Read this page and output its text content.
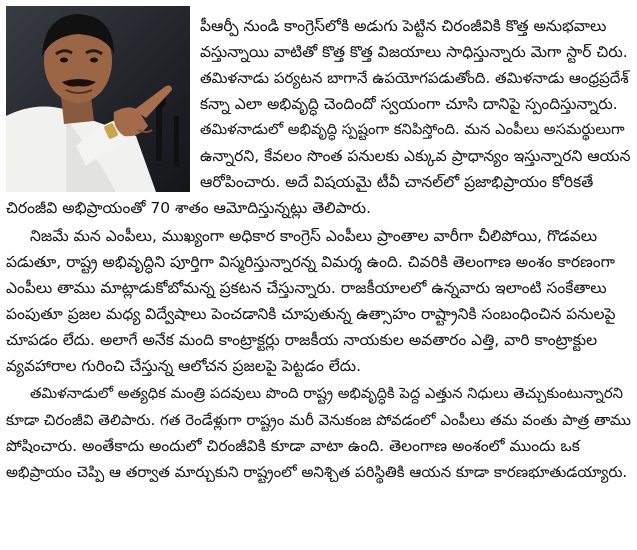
పీఆర్పీ నుండి కాంగ్రెస్‌లోకి అడుగు పెట్టిన చిరంజీవికి కొత్త అనుభవాలు
వస్తున్నాయి వాటితో కొత్త కొత్త విజయాలు సాధిస్తున్నారు మెగా స్టార్ చిరు.
తమిళనాడు పర్యటన బాగానే ఉపయోగపడుతోంది. తమిళనాడు ఆంధ్రప్రదేశ్
కన్నా ఎలా అభివృద్ధి చెందిందో స్వయంగా చూసి దానిపై స్పందిస్తున్నారు.
తమిళనాడులో అభివృద్ధి స్పష్టంగా కనిపిస్తోంది. మన ఎంపీలు అసమర్థులుగా
ఉన్నారని, కేవలం సొంత పనులకు ఎక్కువ ప్రాధాన్యం ఇస్తున్నారని ఆయన
ఆరోపించారు. అదే విషయమై టీవీ చానల్‌లో ప్రజాభిప్రాయం కోరికతే
చిరంజీవి అభిప్రాయంతో 70 శాతం ఆమోదిస్తున్నట్లు తెలిపారు.
నిజమే మన ఎంపీలు, ముఖ్యంగా అధికార కాంగ్రెస్ ఎంపీలు ప్రాంతాల వారీగా చీలిపోయి, గొడవలు
పడుతూ, రాష్ట్ర అభివృద్ధిని పూర్తిగా విస్మరిస్తున్నారన్న విమర్శ ఉంది. చివరికి తెలంగాణ అంశం కారణంగా
ఎంపీలు తాము మాట్లాడుకోబోమన్న ప్రకటన చేస్తున్నారు. రాజకీయాలలో ఉన్నవారు ఇలాంటి సంకేతాలు
పంపుతూ ప్రజల మధ్య విద్వేషాలు పెంచడానికి చూపుతున్న ఉత్సాహం రాష్ట్రానికి సంబంధించిన పనులపై
చూపడం లేదు. అలాగే అనేక మంది కాంట్రాక్టర్లు రాజకీయ నాయకుల అవతారం ఎత్తి, వారి కాంట్రాక్టుల
వ్యవహారాల గురించి చేస్తున్న ఆలోచన ప్రజలపై పెట్టడం లేదు.
తమిళనాడులో అత్యధిక మంత్రి పదవులు పొంది రాష్ట్ర అభివృద్ధికి పెద్ద ఎత్తున నిధులు తెచ్చుకుంటున్నారని
కూడా చిరంజీవి తెలిపారు. గత రెండేళ్లుగా రాష్ట్రం మరీ వెనుకంజ పోవడంలో ఎంపీలు తమ వంతు పాత్ర తాము
పోషించారు. అంతేకాదు అందులో చిరంజీవికి కూడా వాటా ఉంది. తెలంగాణ అంశంలో ముందు ఒక
అభిప్రాయం చెప్పి ఆ తర్వాత మార్చుకుని రాష్ట్రంలో అనిశ్చిత పరిస్థితికి ఆయన కూడా కారణభూతుడయ్యారు.
